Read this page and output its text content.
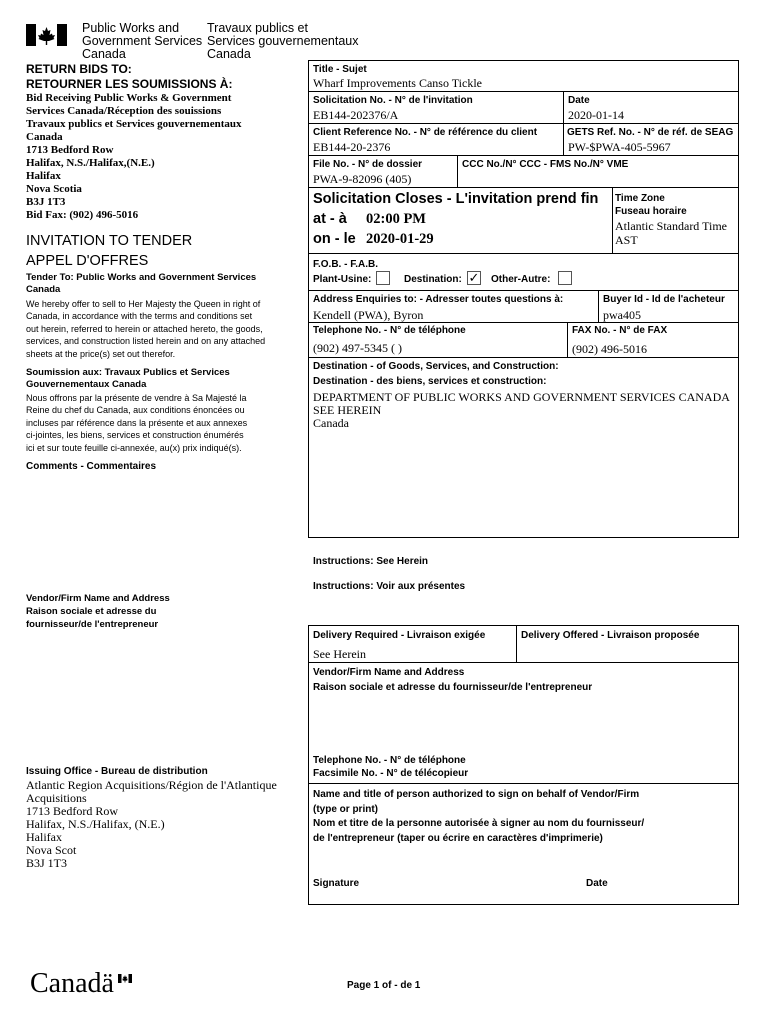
Public Works and
Government Services
Canada
Travaux publics et
Services gouvernementaux
Canada
RETURN BIDS TO:
RETOURNER LES SOUMISSIONS À:
Bid Receiving Public Works & Government
Services Canada/Réception des souissions
Travaux publics et Services gouvernementaux
Canada
1713 Bedford Row
Halifax, N.S./Halifax,(N.E.)
Halifax
Nova Scotia
B3J 1T3
Bid Fax: (902) 496-5016
INVITATION TO TENDER
APPEL D'OFFRES
Tender To: Public Works and Government Services Canada
We hereby offer to sell to Her Majesty the Queen in right of
Canada, in accordance with the terms and conditions set
out herein, referred to herein or attached hereto, the goods,
services, and construction listed herein and on any attached
sheets at the price(s) set out therefor.
Soumission aux: Travaux Publics et Services
Gouvernementaux Canada
Nous offrons par la présente de vendre à Sa Majesté la
Reine du chef du Canada, aux conditions énoncées ou
incluses par référence dans la présente et aux annexes
ci-jointes, les biens, services et construction énumérés
ici et sur toute feuille ci-annexée, au(x) prix indiqué(s).
Comments - Commentaires
Vendor/Firm Name and Address
Raison sociale et adresse du
fournisseur/de l'entrepreneur
Issuing Office - Bureau de distribution
Atlantic Region Acquisitions/Région de l'Atlantique
Acquisitions
1713 Bedford Row
Halifax, N.S./Halifax, (N.E.)
Halifax
Nova Scot
B3J 1T3
Title - Sujet
Wharf Improvements Canso Tickle
Solicitation No. - N° de l'invitation
EB144-202376/A
Date
2020-01-14
Client Reference No. - N° de référence du client
EB144-20-2376
GETS Ref. No. - N° de réf. de SEAG
PW-$PWA-405-5967
File No. - N° de dossier
PWA-9-82096 (405)
CCC No./N° CCC - FMS No./N° VME
Solicitation Closes - L'invitation prend fin
at - à 02:00 PM
on - le 2020-01-29
Time Zone
Fuseau horaire
Atlantic Standard Time
AST
F.O.B. - F.A.B.
Plant-Usine:	Destination: ✓ Other-Autre:
Address Enquiries to: - Adresser toutes questions à:
Kendell (PWA), Byron
Buyer Id - Id de l'acheteur
pwa405
Telephone No. - N° de téléphone
(902) 497-5345 ( )
FAX No. - N° de FAX
(902) 496-5016
Destination - of Goods, Services, and Construction:
Destination - des biens, services et construction:
DEPARTMENT OF PUBLIC WORKS AND GOVERNMENT SERVICES CANADA
SEE HEREIN
Canada
Instructions: See Herein
Instructions: Voir aux présentes
Delivery Required - Livraison exigée
See Herein
Delivery Offered - Livraison proposée
Vendor/Firm Name and Address
Raison sociale et adresse du fournisseur/de l'entrepreneur
Telephone No. - N° de téléphone
Facsimile No. - N° de télécopieur
Name and title of person authorized to sign on behalf of Vendor/Firm
(type or print)
Nom et titre de la personne autorisée à signer au nom du fournisseur/
de l'entrepreneur (taper ou écrire en caractères d'imprimerie)
Signature	Date
Canadä	Page 1 of - de 1
